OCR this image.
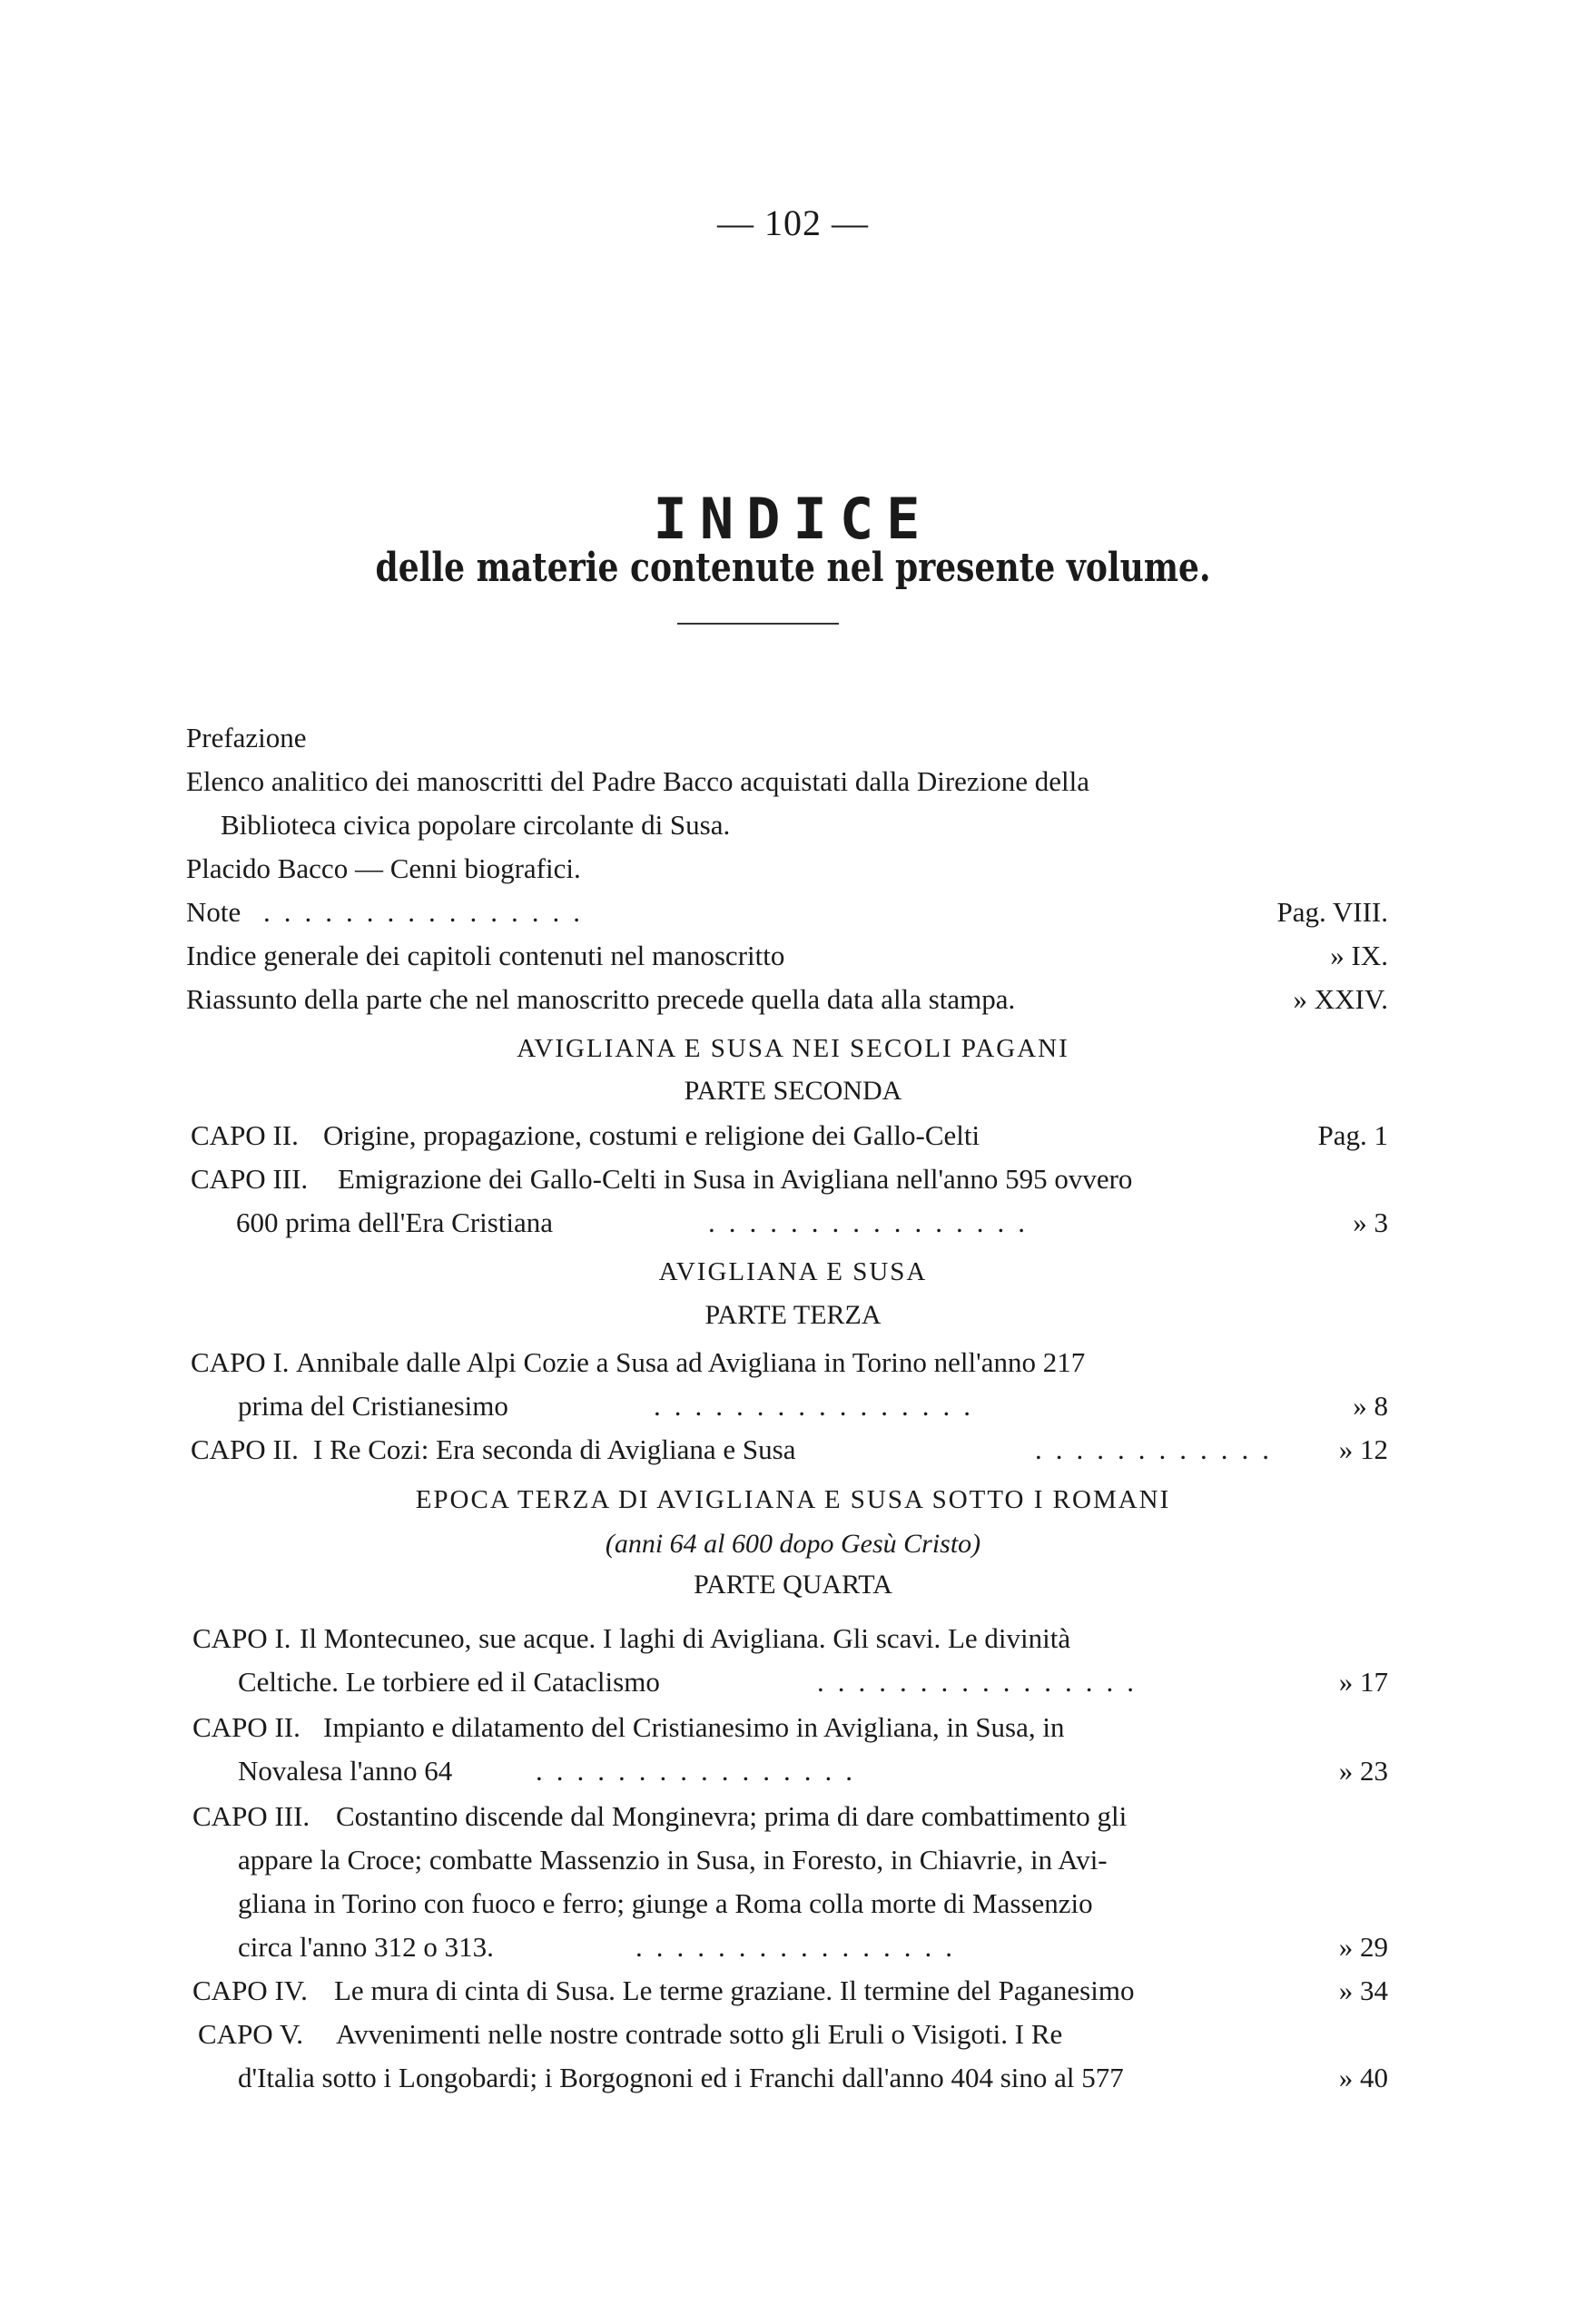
— 102 —
INDICE
delle materie contenute nel presente volume.
Prefazione
Elenco analitico dei manoscritti del Padre Bacco acquistati dalla Direzione della
Biblioteca civica popolare circolante di Susa.
Placido Bacco — Cenni biografici.
Note ................	Pag. VIII.
Indice generale dei capitoli contenuti nel manoscritto	» IX.
Riassunto della parte che nel manoscritto precede quella data alla stampa.	» XXIV.
AVIGLIANA E SUSA NEI SECOLI PAGANI
PARTE SECONDA
CAPO II. Origine, propagazione, costumi e religione dei Gallo-Celti	Pag. 1
CAPO III. Emigrazione dei Gallo-Celti in Susa in Avigliana nell'anno 595 ovvero
600 prima dell'Era Cristiana	................	» 3
AVIGLIANA E SUSA
PARTE TERZA
CAPO I. Annibale dalle Alpi Cozie a Susa ad Avigliana in Torino nell'anno 217
prima del Cristianesimo	................	» 8
CAPO II. I Re Cozi: Era seconda di Avigliana e Susa	............ » 12
EPOCA TERZA DI AVIGLIANA E SUSA SOTTO I ROMANI
(anni 64 al 600 dopo Gesù Cristo)
PARTE QUARTA
CAPO I. Il Montecuneo, sue acque. I laghi di Avigliana. Gli scavi. Le divinità
Celtiche. Le torbiere ed il Cataclismo	................	» 17
CAPO II. Impianto e dilatamento del Cristianesimo in Avigliana, in Susa, in
Novalesa l'anno 64	................	» 23
CAPO III. Costantino discende dal Monginevra; prima di dare combattimento gli
appare la Croce; combatte Massenzio in Susa, in Foresto, in Chiavrie, in Avi-
gliana in Torino con fuoco e ferro; giunge a Roma colla morte di Massenzio
circa l'anno 312 o 313.	................	» 29
CAPO IV. Le mura di cinta di Susa. Le terme graziane. Il termine del Paganesimo	» 34
CAPO V. Avvenimenti nelle nostre contrade sotto gli Eruli o Visigoti. I Re
d'Italia sotto i Longobardi; i Borgognoni ed i Franchi dall'anno 404 sino al 577	» 40
